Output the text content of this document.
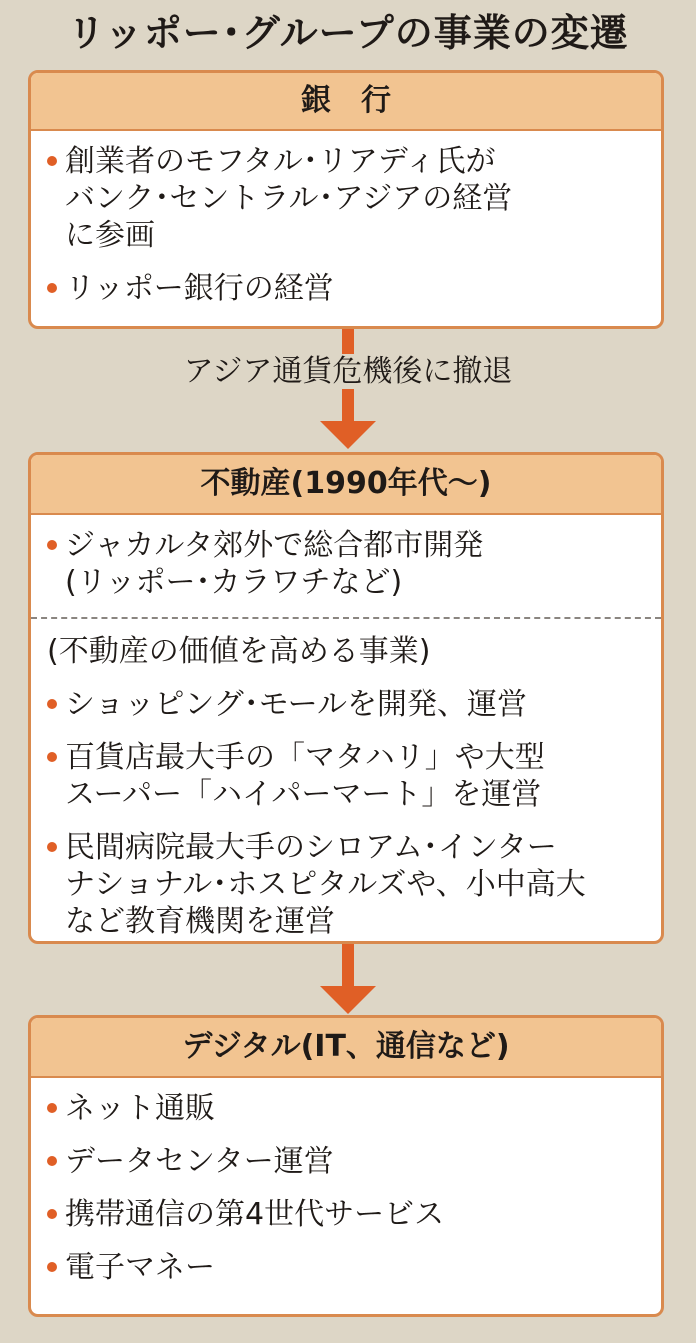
リッポー･グループの事業の変遷
銀　行
創業者のモフタル･リアディ氏が
バンク･セントラル･アジアの経営
に参画
リッポー銀行の経営
アジア通貨危機後に撤退
不動産(1990年代～)
ジャカルタ郊外で総合都市開発
(リッポー･カラワチなど)
(不動産の価値を高める事業)
ショッピング･モールを開発、運営
百貨店最大手の「マタハリ」や大型
スーパー「ハイパーマート」を運営
民間病院最大手のシロアム･インター
ナショナル･ホスピタルズや、小中高大
など教育機関を運営
デジタル(IT、通信など)
ネット通販
データセンター運営
携帯通信の第4世代サービス
電子マネー
